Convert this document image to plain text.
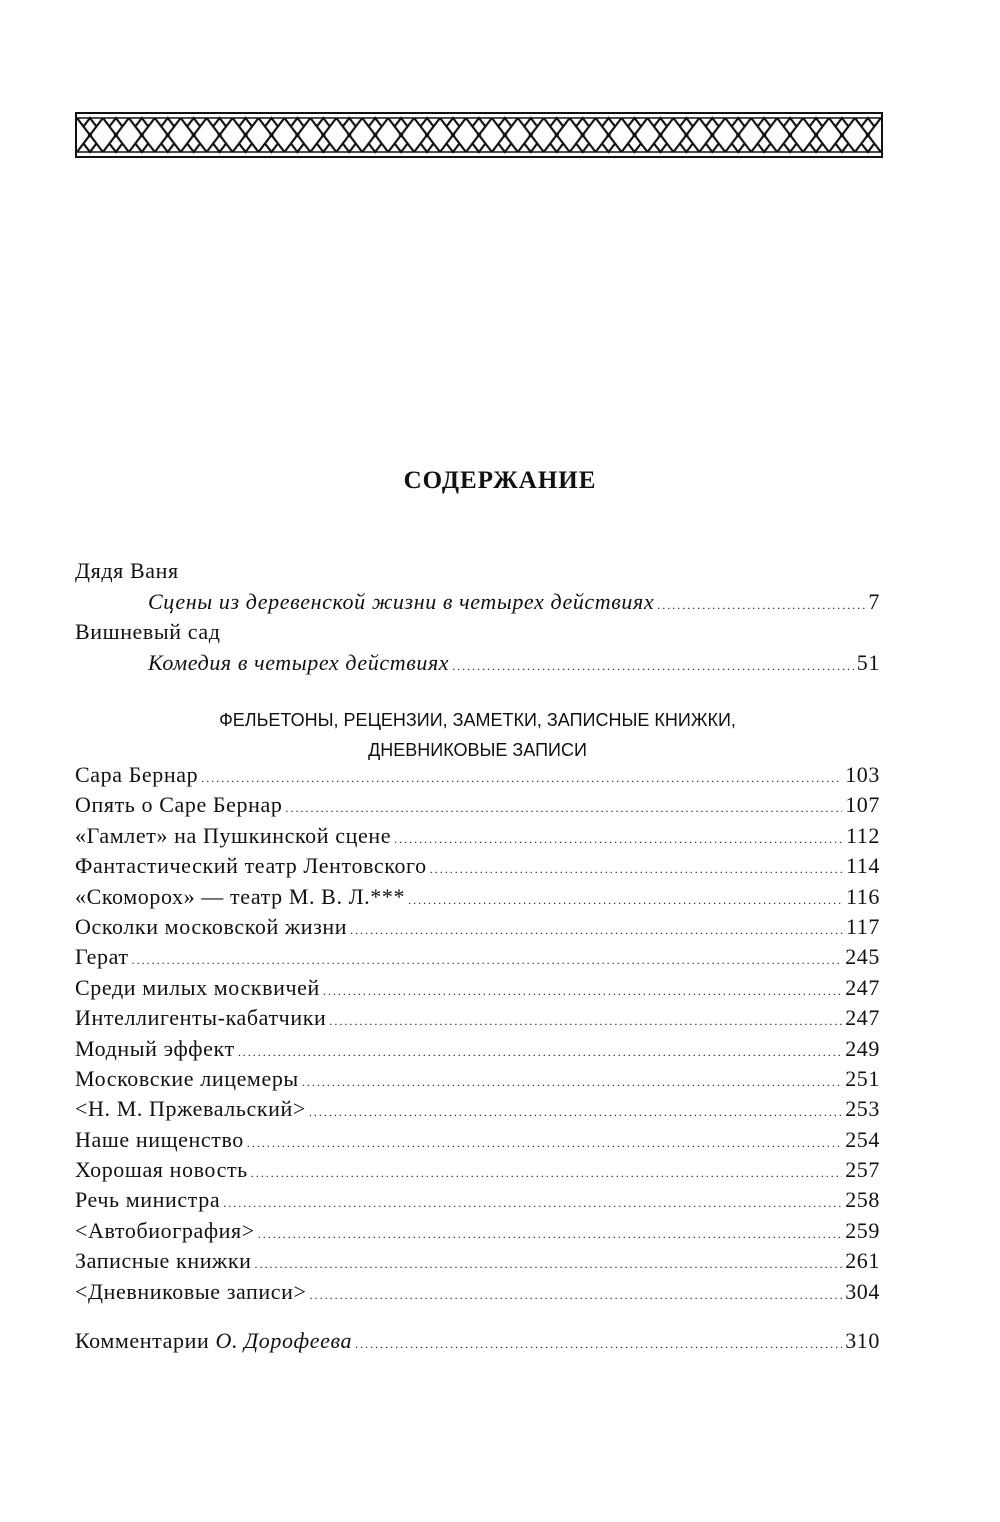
СОДЕРЖАНИЕ
Дядя Ваня
Сцены из деревенской жизни в четырех действиях .....	7
Вишневый сад
Комедия в четырех действиях .....	51
ФЕЛЬЕТОНЫ, РЕЦЕНЗИИ, ЗАМЕТКИ, ЗАПИСНЫЕ КНИЖКИ,
ДНЕВНИКОВЫЕ ЗАПИСИ
Сара Бернар .....	103
Опять о Саре Бернар .....	107
«Гамлет» на Пушкинской сцене .....	112
Фантастический театр Лентовского .....	114
«Скоморох» — театр М. В. Л.*** .....	116
Осколки московской жизни .....	117
Герат .....	245
Среди милых москвичей .....	247
Интеллигенты-кабатчики .....	247
Модный эффект .....	249
Московские лицемеры .....	251
<Н. М. Пржевальский> .....	253
Наше нищенство .....	254
Хорошая новость .....	257
Речь министра .....	258
<Автобиография> .....	259
Записные книжки .....	261
<Дневниковые записи> .....	304
Комментарии О. Дорофеева .....	310
